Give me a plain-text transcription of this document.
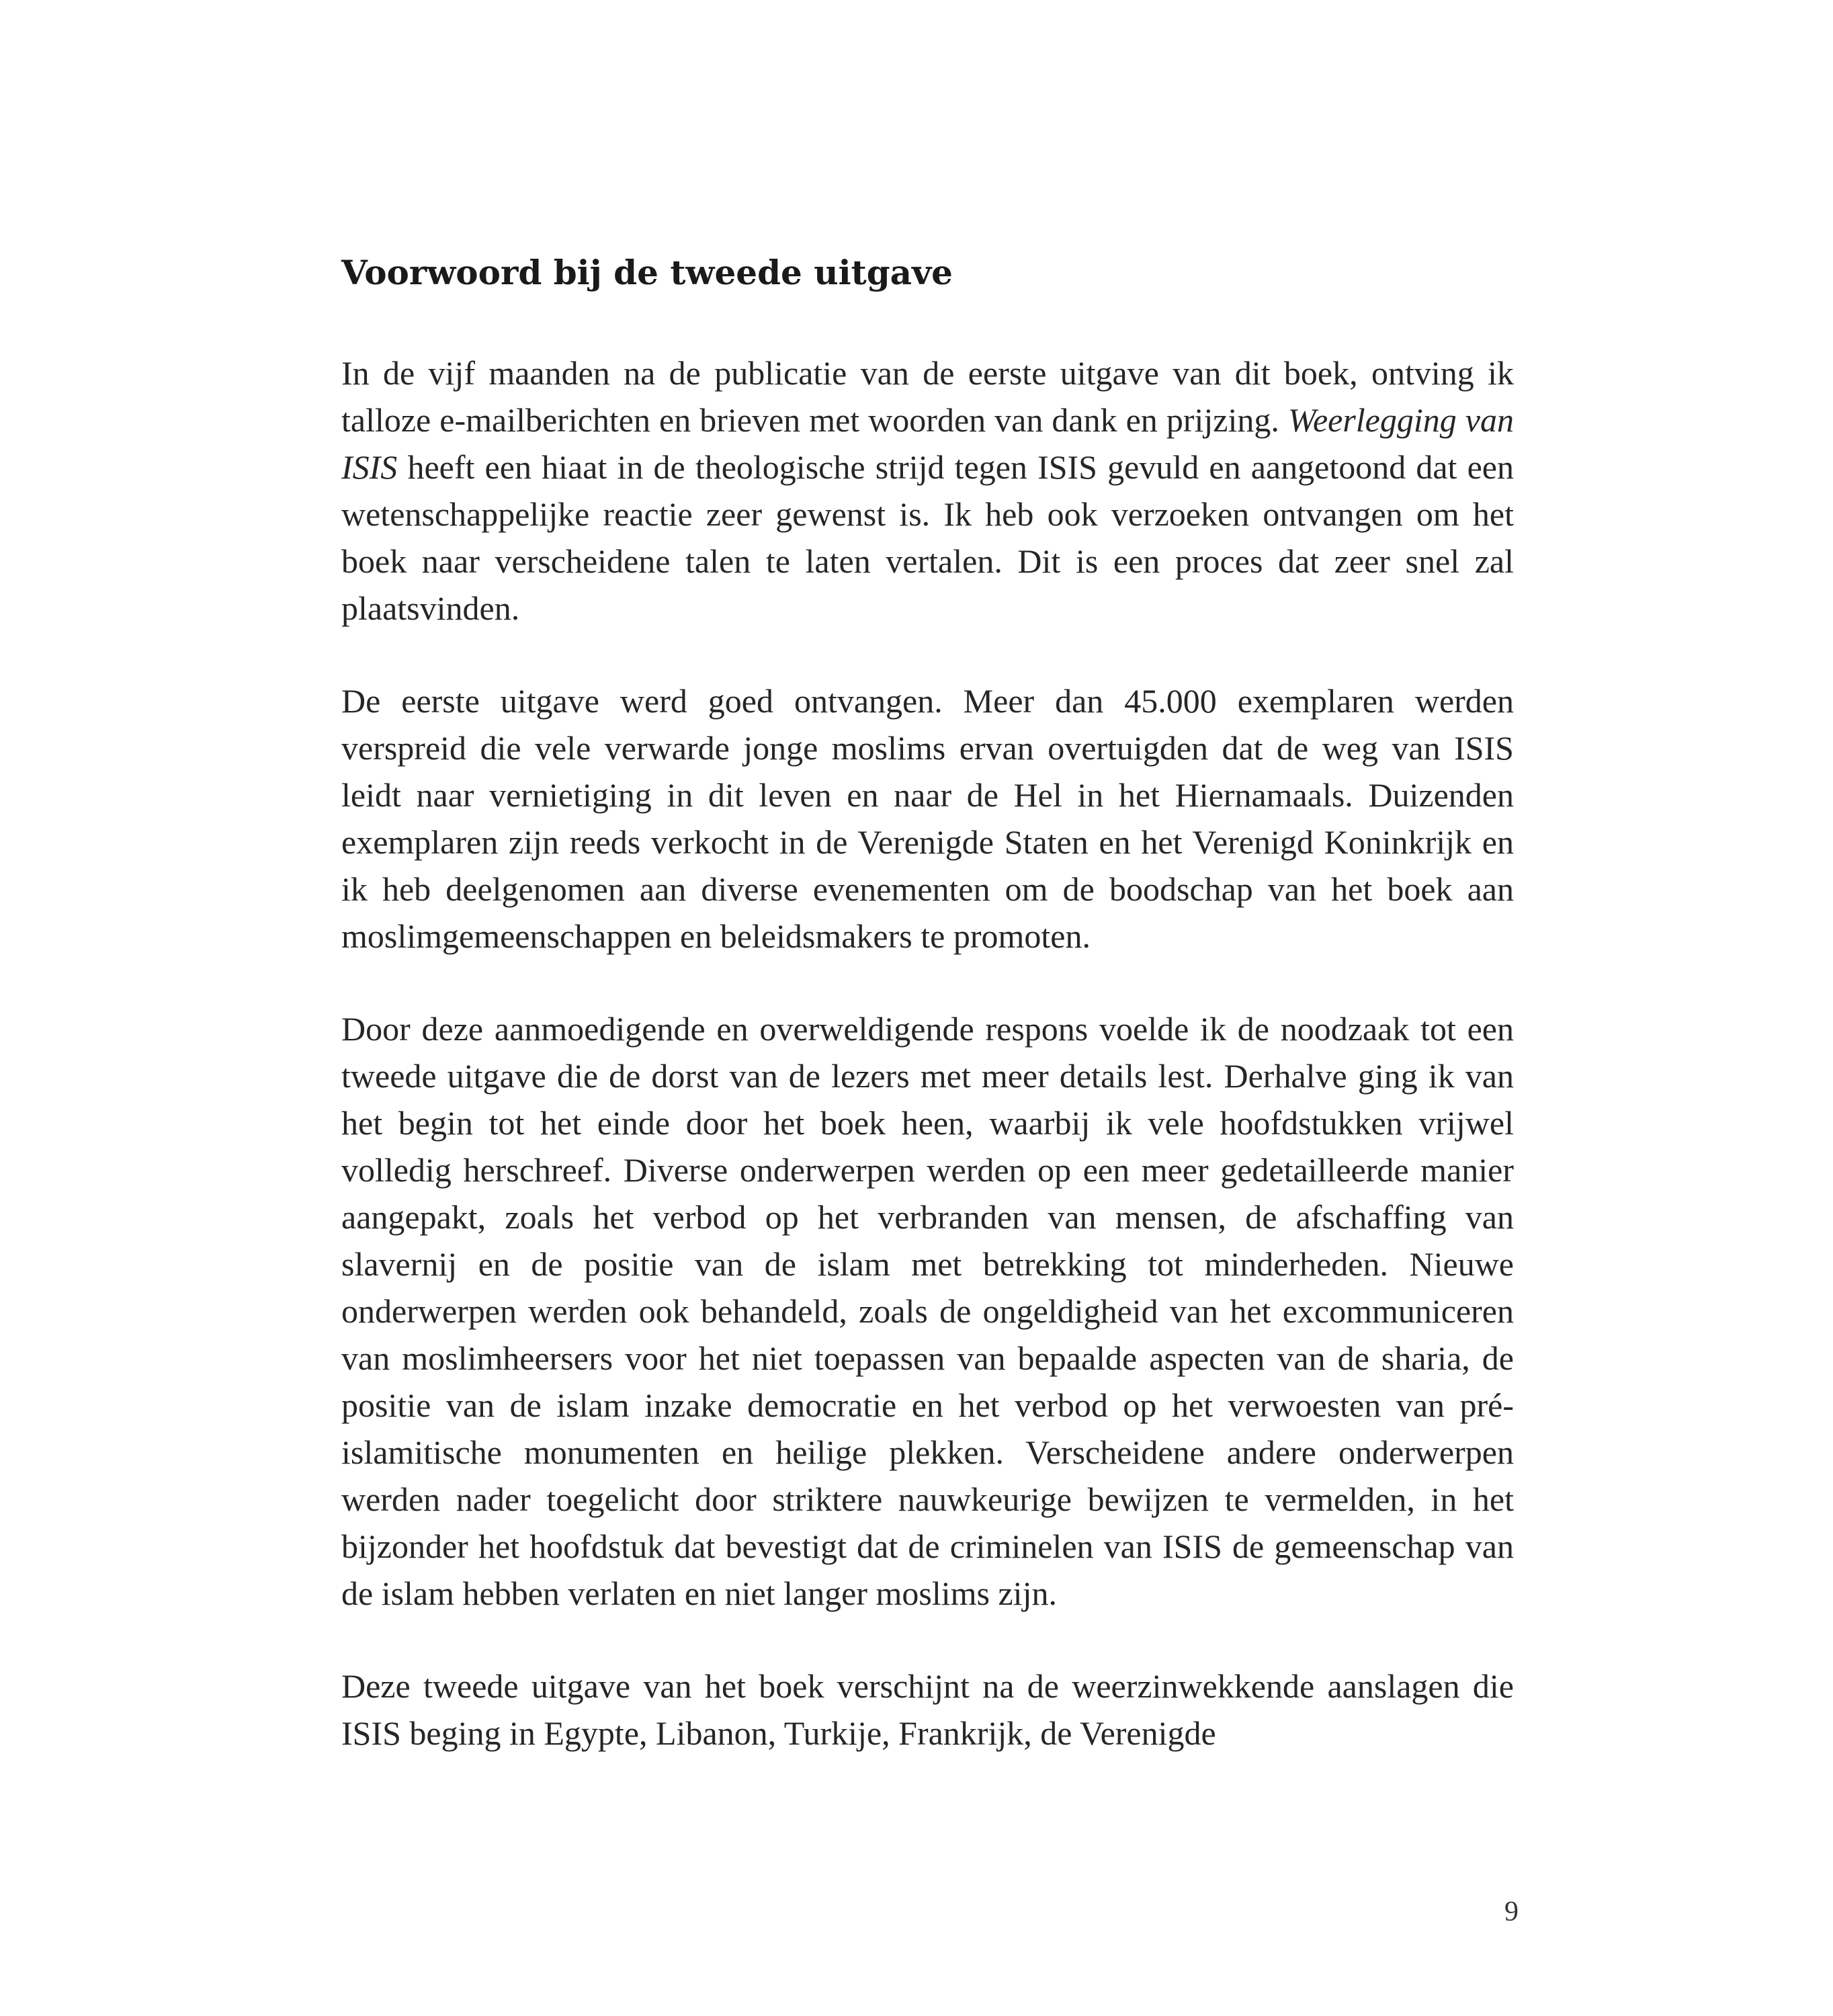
Voorwoord bij de tweede uitgave

In de vijf maanden na de publicatie van de eerste uitgave van dit boek, ontving ik talloze e-mailberichten en brieven met woorden van dank en prijzing. Weerlegging van ISIS heeft een hiaat in de theologische strijd tegen ISIS gevuld en aangetoond dat een wetenschappelijke reactie zeer gewenst is. Ik heb ook verzoeken ontvangen om het boek naar verscheidene talen te laten vertalen. Dit is een proces dat zeer snel zal plaatsvinden.

De eerste uitgave werd goed ontvangen. Meer dan 45.000 exemplaren werden verspreid die vele verwarde jonge moslims ervan overtuigden dat de weg van ISIS leidt naar vernietiging in dit leven en naar de Hel in het Hiernamaals. Duizenden exemplaren zijn reeds verkocht in de Verenigde Staten en het Verenigd Koninkrijk en ik heb deelgenomen aan diverse evenementen om de boodschap van het boek aan moslimgemeenschappen en beleidsmakers te promoten.

Door deze aanmoedigende en overweldigende respons voelde ik de noodzaak tot een tweede uitgave die de dorst van de lezers met meer details lest. Derhalve ging ik van het begin tot het einde door het boek heen, waarbij ik vele hoofdstukken vrijwel volledig herschreef. Diverse onderwerpen werden op een meer gedetailleerde manier aangepakt, zoals het verbod op het verbranden van mensen, de afschaffing van slavernij en de positie van de islam met betrekking tot minderheden. Nieuwe onderwerpen werden ook behandeld, zoals de ongeldigheid van het excommuniceren van moslimheersers voor het niet toepassen van bepaalde aspecten van de sharia, de positie van de islam inzake democratie en het verbod op het verwoesten van pré-islamitische monumenten en heilige plekken. Verscheidene andere onderwerpen werden nader toegelicht door striktere nauwkeurige bewijzen te vermelden, in het bijzonder het hoofdstuk dat bevestigt dat de criminelen van ISIS de gemeenschap van de islam hebben verlaten en niet langer moslims zijn.

Deze tweede uitgave van het boek verschijnt na de weerzinwekkende aanslagen die ISIS beging in Egypte, Libanon, Turkije, Frankrijk, de Verenigde

9
